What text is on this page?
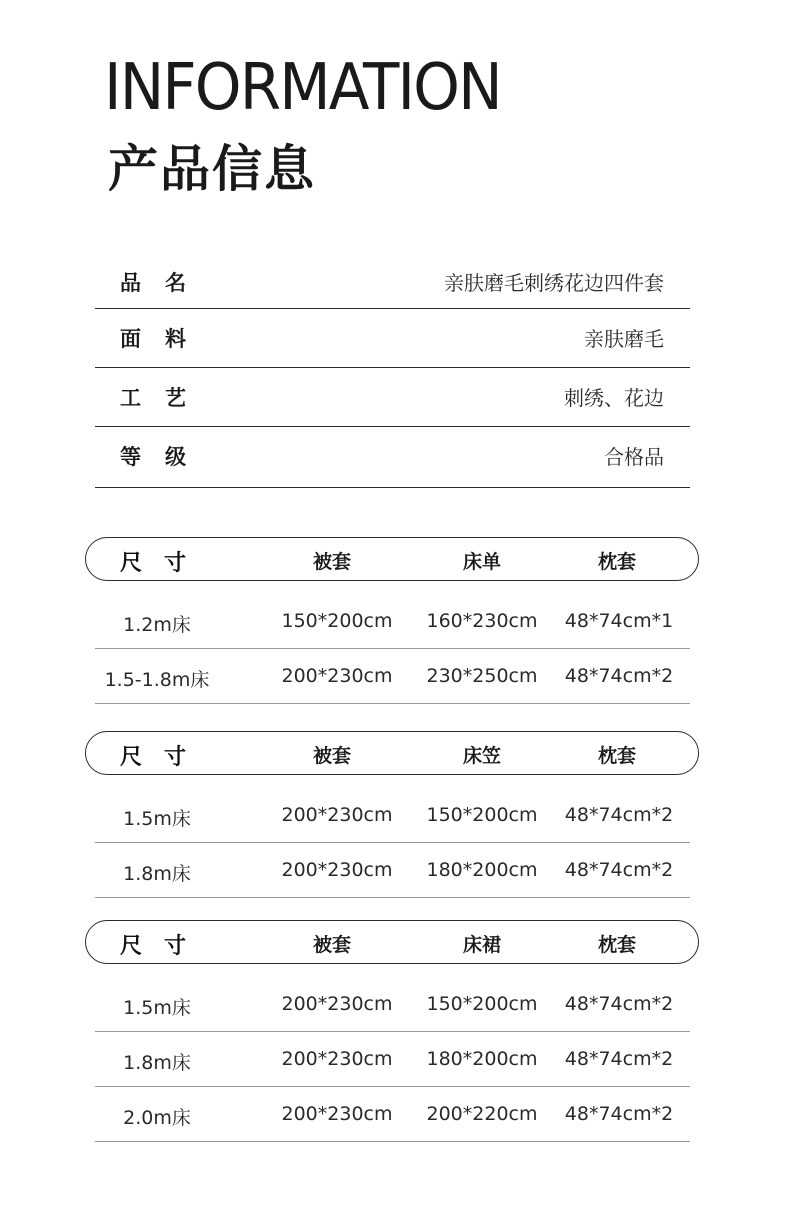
INFORMATION
产品信息
品名	亲肤磨毛刺绣花边四件套
面料	亲肤磨毛
工艺	刺绣、花边
等级	合格品
尺寸	被套	床单	枕套
1.2m床	150*200cm 160*230cm 48*74cm*1
1.5-1.8m床	200*230cm 230*250cm 48*74cm*2
尺寸	被套	床笠	枕套
1.5m床	200*230cm 150*200cm 48*74cm*2
1.8m床	200*230cm 180*200cm 48*74cm*2
尺寸	被套	床裙	枕套
1.5m床	200*230cm 150*200cm 48*74cm*2
1.8m床	200*230cm 180*200cm 48*74cm*2
2.0m床	200*230cm 200*220cm 48*74cm*2
